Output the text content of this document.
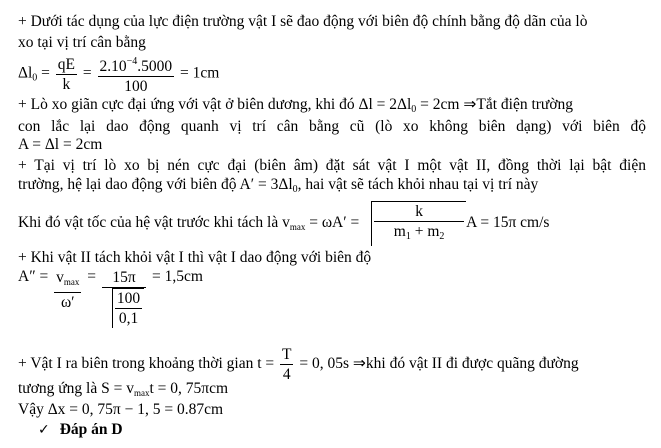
+ Dưới tác dụng của lực điện trường vật I sẽ đao động với biên độ chính bằng độ dãn của lò
xo tại vị trí cân bằng
$\Delta l_0 = \frac{qE}{k} = \frac{2.10^{-4}.5000}{100} = 1cm$
+ Lò xo giãn cực đại ứng với vật ở biên dương, khi đó $\Delta l = 2\Delta l_0 = 2cm$ ⇒Tắt điện trường
con lắc lại dao động quanh vị trí cân bằng cũ (lò xo không biên dạng) với biên độ
A = Δl = 2cm
+ Tại vị trí lò xo bị nén cực đại (biên âm) đặt sát vật I một vật II, đồng thời lại bật điện
trường, hệ lại dao động với biên độ $A' = 3\Delta l_0$, hai vật sẽ tách khỏi nhau tại vị trí này
Khi đó vật tốc của hệ vật trước khi tách là $v_{max} = \omega A' = \frac{k}{m_1 + m_2}$ A = 15π cm/s
+ Khi vật II tách khỏi vật I thì vật I dao động với biên độ
$A'' = \frac{v_{max}}{\omega'} = \frac{15\pi}{\frac{100}{0,1}} = 1,5cm$
+ Vật I ra biên trong khoảng thời gian $t = \frac{T}{4} = 0$, 05s ⇒khi đó vật II đi được quãng đường
tương ứng là $S = v_{max}t = 0$, 75πcm
Vậy Δx = 0, 75π − 1, 5 = 0.87cm
✓ Đáp án D
